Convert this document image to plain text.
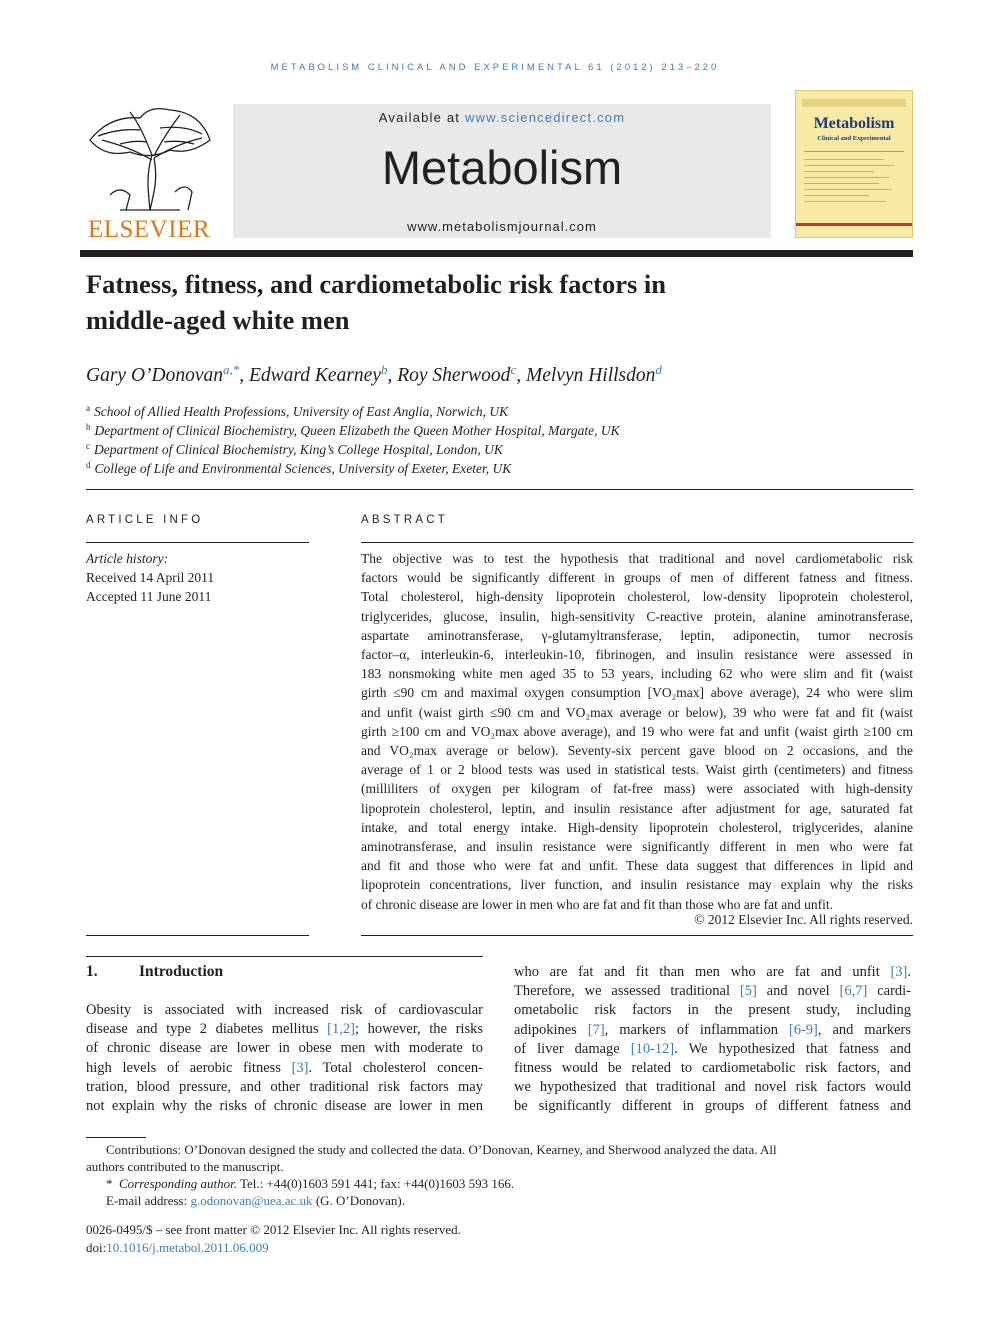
METABOLISM CLINICAL AND EXPERIMENTAL 61 (2012) 213–220
ELSEVIER
Available at www.sciencedirect.com
Metabolism
www.metabolismjournal.com
Metabolism
Clinical and Experimental
Fatness, fitness, and cardiometabolic risk factors in
middle-aged white men
Gary O’Donovan$^{a,*}$, Edward Kearney$^b$, Roy Sherwood$^c$, Melvyn Hillsdon$^d$
$^a$ School of Allied Health Professions, University of East Anglia, Norwich, UK
$^b$ Department of Clinical Biochemistry, Queen Elizabeth the Queen Mother Hospital, Margate, UK
$^c$ Department of Clinical Biochemistry, King’s College Hospital, London, UK
$^d$ College of Life and Environmental Sciences, University of Exeter, Exeter, UK
ARTICLE INFO	ABSTRACT
Article history:
Received 14 April 2011
Accepted 11 June 2011
The objective was to test the hypothesis that traditional and novel cardiometabolic risk
factors would be significantly different in groups of men of different fatness and fitness.
Total cholesterol, high-density lipoprotein cholesterol, low-density lipoprotein cholesterol,
triglycerides, glucose, insulin, high-sensitivity C-reactive protein, alanine aminotransferase,
aspartate aminotransferase, γ-glutamyltransferase, leptin, adiponectin, tumor necrosis
factor–α, interleukin-6, interleukin-10, fibrinogen, and insulin resistance were assessed in
183 nonsmoking white men aged 35 to 53 years, including 62 who were slim and fit (waist
girth ≤90 cm and maximal oxygen consumption [VO₂max] above average), 24 who were slim
and unfit (waist girth ≤90 cm and VO₂max average or below), 39 who were fat and fit (waist
girth ≥100 cm and VO₂max above average), and 19 who were fat and unfit (waist girth ≥100 cm
and VO₂max average or below). Seventy-six percent gave blood on 2 occasions, and the
average of 1 or 2 blood tests was used in statistical tests. Waist girth (centimeters) and fitness
(milliliters of oxygen per kilogram of fat-free mass) were associated with high-density
lipoprotein cholesterol, leptin, and insulin resistance after adjustment for age, saturated fat
intake, and total energy intake. High-density lipoprotein cholesterol, triglycerides, alanine
aminotransferase, and insulin resistance were significantly different in men who were fat
and fit and those who were fat and unfit. These data suggest that differences in lipid and
lipoprotein concentrations, liver function, and insulin resistance may explain why the risks
of chronic disease are lower in men who are fat and fit than those who are fat and unfit.
© 2012 Elsevier Inc. All rights reserved.
1.	Introduction
Obesity is associated with increased risk of cardiovascular
disease and type 2 diabetes mellitus [1,2]; however, the risks
of chronic disease are lower in obese men with moderate to
high levels of aerobic fitness [3]. Total cholesterol concen-
tration, blood pressure, and other traditional risk factors may
not explain why the risks of chronic disease are lower in men
who are fat and fit than men who are fat and unfit [3].
Therefore, we assessed traditional [5] and novel [6,7] cardi-
ometabolic risk factors in the present study, including
adipokines [7], markers of inflammation [6-9], and markers
of liver damage [10-12]. We hypothesized that fatness and
fitness would be related to cardiometabolic risk factors, and
we hypothesized that traditional and novel risk factors would
be significantly different in groups of different fatness and

Contributions: O’Donovan designed the study and collected the data. O’Donovan, Kearney, and Sherwood analyzed the data. All

authors contributed to the manuscript.

* Corresponding author. Tel.: +44(0)1603 591 441; fax: +44(0)1603 593 166.

E-mail address: g.odonovan@uea.ac.uk (G. O’Donovan).

0026-0495/$ – see front matter © 2012 Elsevier Inc. All rights reserved.
doi:10.1016/j.metabol.2011.06.009
